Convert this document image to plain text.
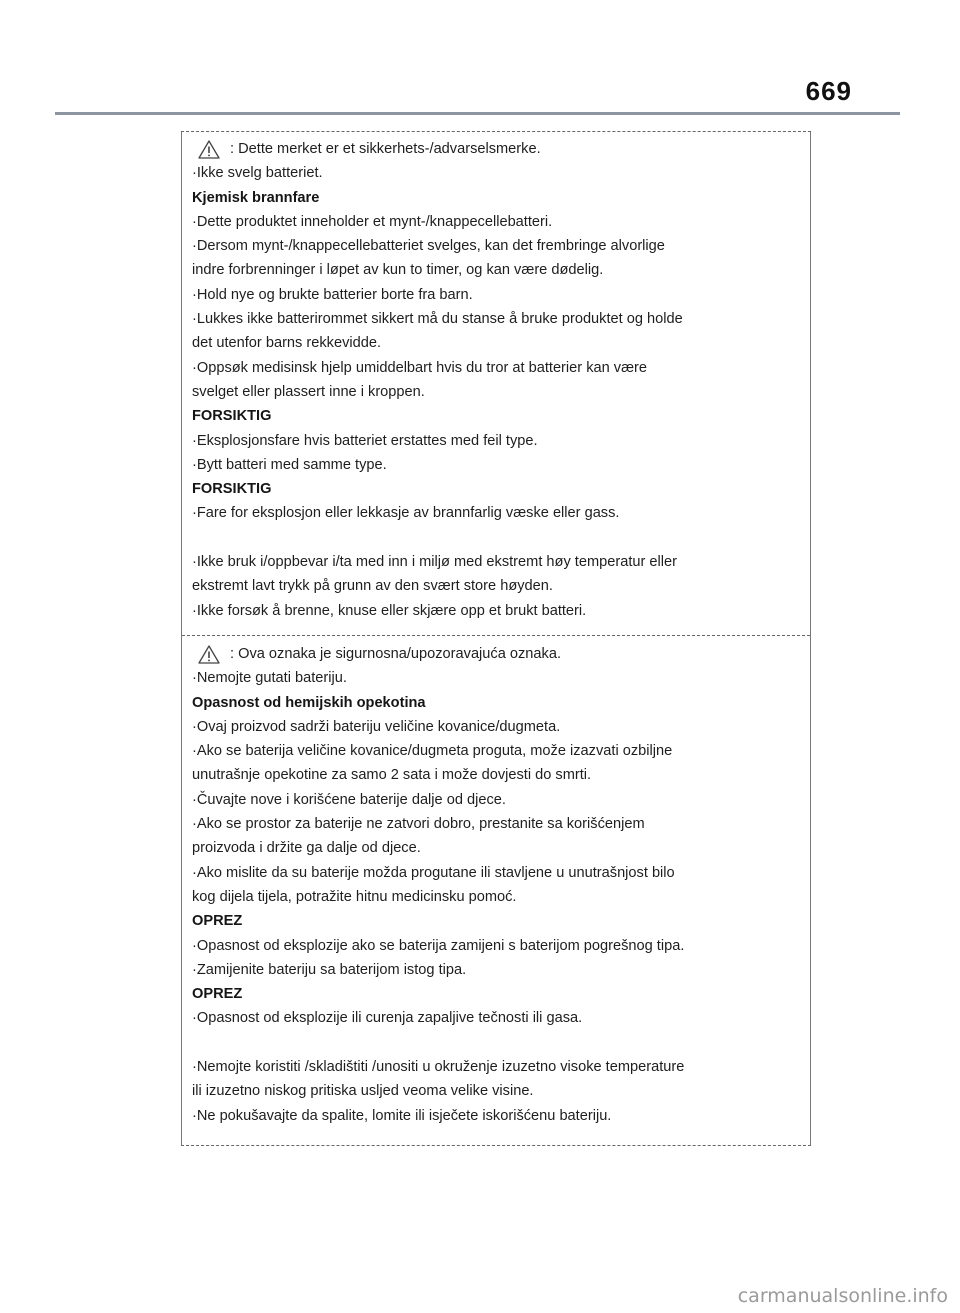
669
: Dette merket er et sikkerhets-/advarselsmerke.
·Ikke svelg batteriet.
Kjemisk brannfare
·Dette produktet inneholder et mynt-/knappecellebatteri.
·Dersom mynt-/knappecellebatteriet svelges, kan det frembringe alvorlige
indre forbrenninger i løpet av kun to timer, og kan være dødelig.
·Hold nye og brukte batterier borte fra barn.
·Lukkes ikke batterirommet sikkert må du stanse å bruke produktet og holde
det utenfor barns rekkevidde.
·Oppsøk medisinsk hjelp umiddelbart hvis du tror at batterier kan være
svelget eller plassert inne i kroppen.
FORSIKTIG
·Eksplosjonsfare hvis batteriet erstattes med feil type.
·Bytt batteri med samme type.
FORSIKTIG
·Fare for eksplosjon eller lekkasje av brannfarlig væske eller gass.
·Ikke bruk i/oppbevar i/ta med inn i miljø med ekstremt høy temperatur eller
ekstremt lavt trykk på grunn av den svært store høyden.
·Ikke forsøk å brenne, knuse eller skjære opp et brukt batteri.
: Ova oznaka je sigurnosna/upozoravajuća oznaka.
·Nemojte gutati bateriju.
Opasnost od hemijskih opekotina
·Ovaj proizvod sadrži bateriju veličine kovanice/dugmeta.
·Ako se baterija veličine kovanice/dugmeta proguta, može izazvati ozbiljne
unutrašnje opekotine za samo 2 sata i može dovjesti do smrti.
·Čuvajte nove i korišćene baterije dalje od djece.
·Ako se prostor za baterije ne zatvori dobro, prestanite sa korišćenjem
proizvoda i držite ga dalje od djece.
·Ako mislite da su baterije možda progutane ili stavljene u unutrašnjost bilo
kog dijela tijela, potražite hitnu medicinsku pomoć.
OPREZ
·Opasnost od eksplozije ako se baterija zamijeni s baterijom pogrešnog tipa.
·Zamijenite bateriju sa baterijom istog tipa.
OPREZ
·Opasnost od eksplozije ili curenja zapaljive tečnosti ili gasa.
·Nemojte koristiti /skladištiti /unositi u okruženje izuzetno visoke temperature
ili izuzetno niskog pritiska usljed veoma velike visine.
·Ne pokušavajte da spalite, lomite ili isječete iskorišćenu bateriju.
carmanualsonline.info
